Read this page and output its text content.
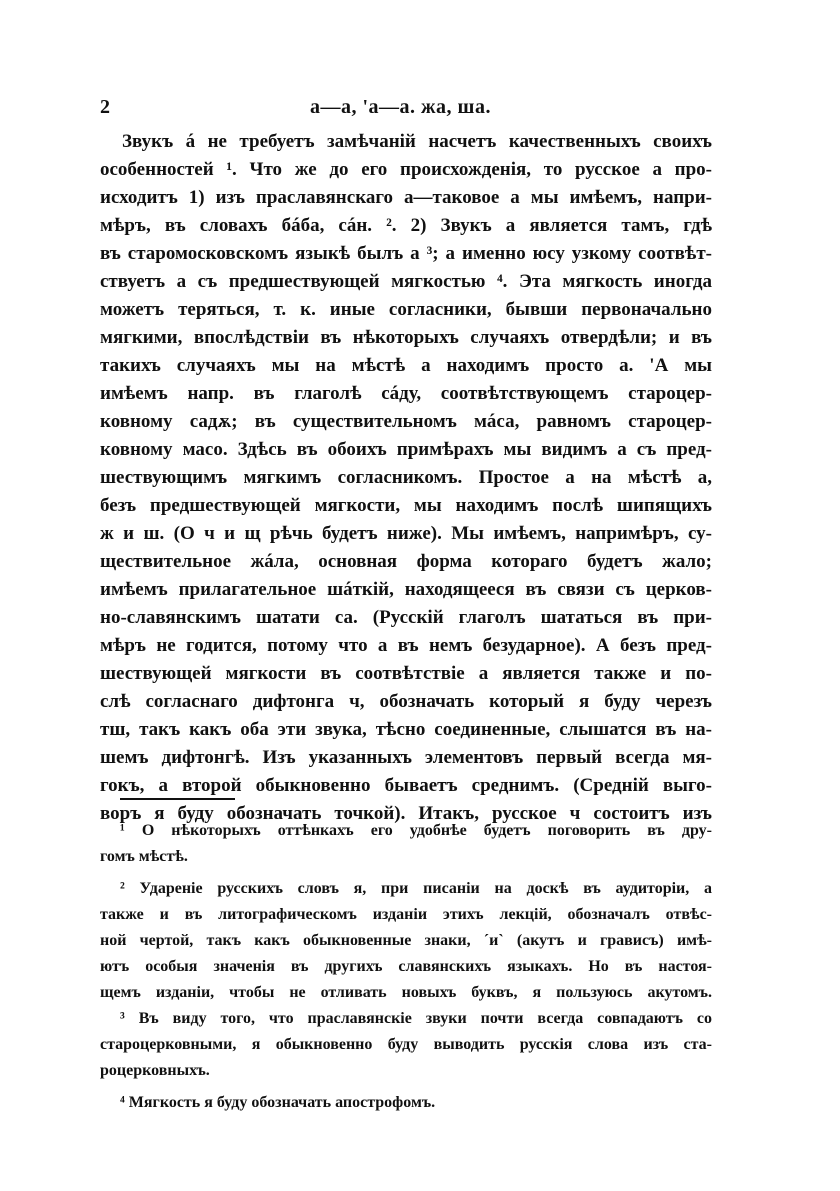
2	а—а, 'а—а. жа, ша.
Звукъ á не требуетъ замѣчаній насчетъ качественныхъ своихъ
особенностей ¹. Что же до его происхожденія, то русское а про-
исходитъ 1) изъ праславянскаго а—таковое а мы имѣемъ, напри-
мѣръ, въ словахъ бáба, сáн. ². 2) Звукъ а является тамъ, гдѣ
въ старомосковскомъ языкѣ былъ а ³; а именно юсу узкому соотвѣт-
ствуетъ а съ предшествующей мягкостью ⁴. Эта мягкость иногда
можетъ теряться, т. к. иные согласники, бывши первоначально
мягкими, впослѣдствіи въ нѣкоторыхъ случаяхъ отвердѣли; и въ
такихъ случаяхъ мы на мѣстѣ а находимъ просто а. 'А мы
имѣемъ напр. въ глаголѣ сáду, соотвѣтствующемъ староцер-
ковному садѫ; въ существительномъ мáса, равномъ староцер-
ковному масо. Здѣсь въ обоихъ примѣрахъ мы видимъ а съ пред-
шествующимъ мягкимъ согласникомъ. Простое а на мѣстѣ а,
безъ предшествующей мягкости, мы находимъ послѣ шипящихъ
ж и ш. (О ч и щ рѣчь будетъ ниже). Мы имѣемъ, напримѣръ, су-
ществительное жáла, основная форма котораго будетъ жало;
имѣемъ прилагательное шáткій, находящееся въ связи съ церков-
но-славянскимъ шатати са. (Русскій глаголъ шататься въ при-
мѣръ не годится, потому что а въ немъ безударное). А безъ пред-
шествующей мягкости въ соотвѣтствіе а является также и по-
слѣ согласнаго дифтонга ч, обозначать который я буду черезъ
тш, такъ какъ оба эти звука, тѣсно соединенные, слышатся въ на-
шемъ дифтонгѣ. Изъ указанныхъ элементовъ первый всегда мя-
гокъ, а второй обыкновенно бываетъ среднимъ. (Средній выго-
воръ я буду обозначать точкой). Итакъ, русское ч состоитъ изъ
¹ О нѣкоторыхъ оттѣнкахъ его удобнѣе будетъ поговорить въ дру-
гомъ мѣстѣ.
² Удареніе русскихъ словъ я, при писаніи на доскѣ въ аудиторіи, а
также и въ литографическомъ изданіи этихъ лекцій, обозначалъ отвѣс-
ной чертой, такъ какъ обыкновенные знаки, ´и` (акутъ и грависъ) имѣ-
ютъ особыя значенія въ другихъ славянскихъ языкахъ. Но въ настоя-
щемъ изданіи, чтобы не отливать новыхъ буквъ, я пользуюсь акутомъ.
³ Въ виду того, что праславянскіе звуки почти всегда совпадаютъ со
староцерковными, я обыкновенно буду выводить русскія слова изъ ста-
роцерковныхъ.
⁴ Мягкость я буду обозначать апострофомъ.
